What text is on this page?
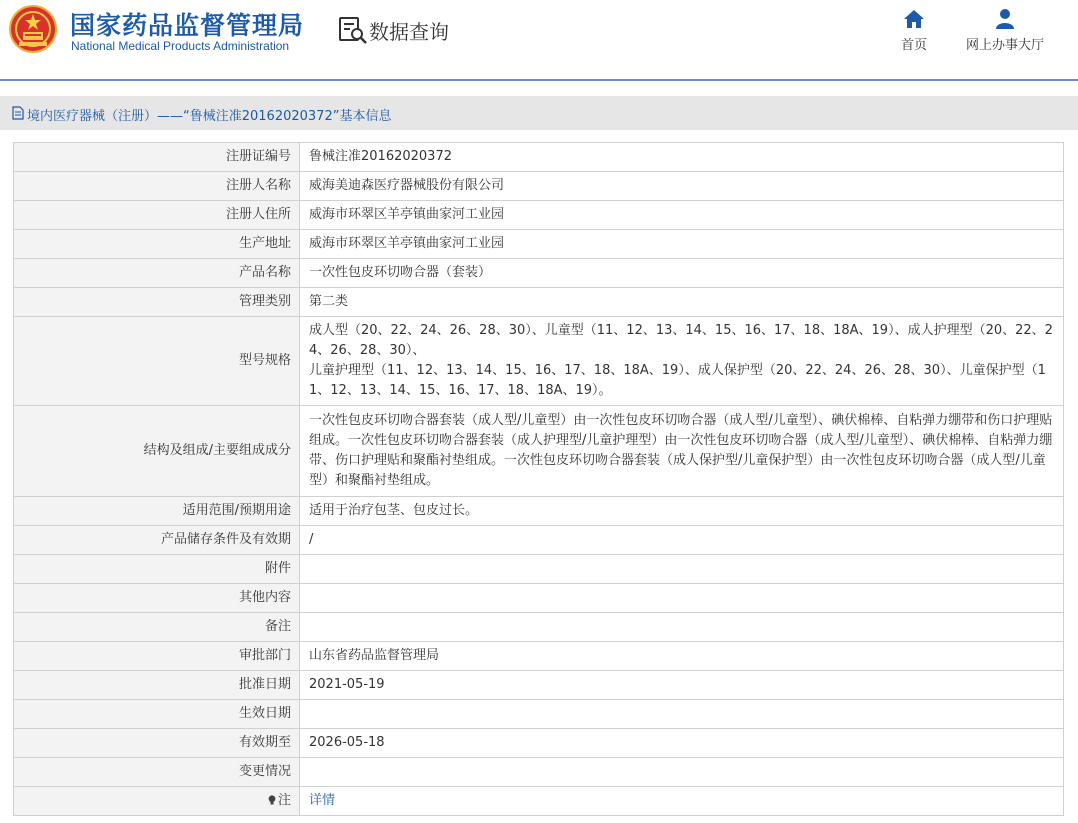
国家药品监督管理局
National Medical Products Administration
数据查询
首页	网上办事大厅
境内医疗器械（注册）——“鲁械注准20162020372”基本信息
注册证编号	鲁械注准20162020372
注册人名称	威海美迪森医疗器械股份有限公司
注册人住所	威海市环翠区羊亭镇曲家河工业园
生产地址	威海市环翠区羊亭镇曲家河工业园
产品名称	一次性包皮环切吻合器（套装）
管理类别	第二类
型号规格	成人型（20、22、24、26、28、30）、儿童型（11、12、13、14、15、16、17、18、18A、19）、成人护理型（20、22、24、26、28、30）、
儿童护理型（11、12、13、14、15、16、17、18、18A、19）、成人保护型（20、22、24、26、28、30）、儿童保护型（11、12、13、14、15、16、17、18、18A、19）。

结构及组成/主要组成成分	一次性包皮环切吻合器套装（成人型/儿童型）由一次性包皮环切吻合器（成人型/儿童型）、碘伏棉棒、自粘弹力绷带和伤口护理贴组成。一次性包皮环切吻合器套装（成人护理型/儿童护理型）由一次性包皮环切吻合器（成人型/儿童型）、碘伏棉棒、自粘弹力绷带、伤口护理贴和聚酯衬垫组成。一次性包皮环切吻合器套装（成人保护型/儿童保护型）由一次性包皮环切吻合器（成人型/儿童型）和聚酯衬垫组成。
适用范围/预期用途	适用于治疗包茎、包皮过长。
产品储存条件及有效期	/
附件	
其他内容	
备注	
审批部门	山东省药品监督管理局
批准日期	2021-05-19
生效日期	
有效期至	2026-05-18
变更情况	
注	详情
